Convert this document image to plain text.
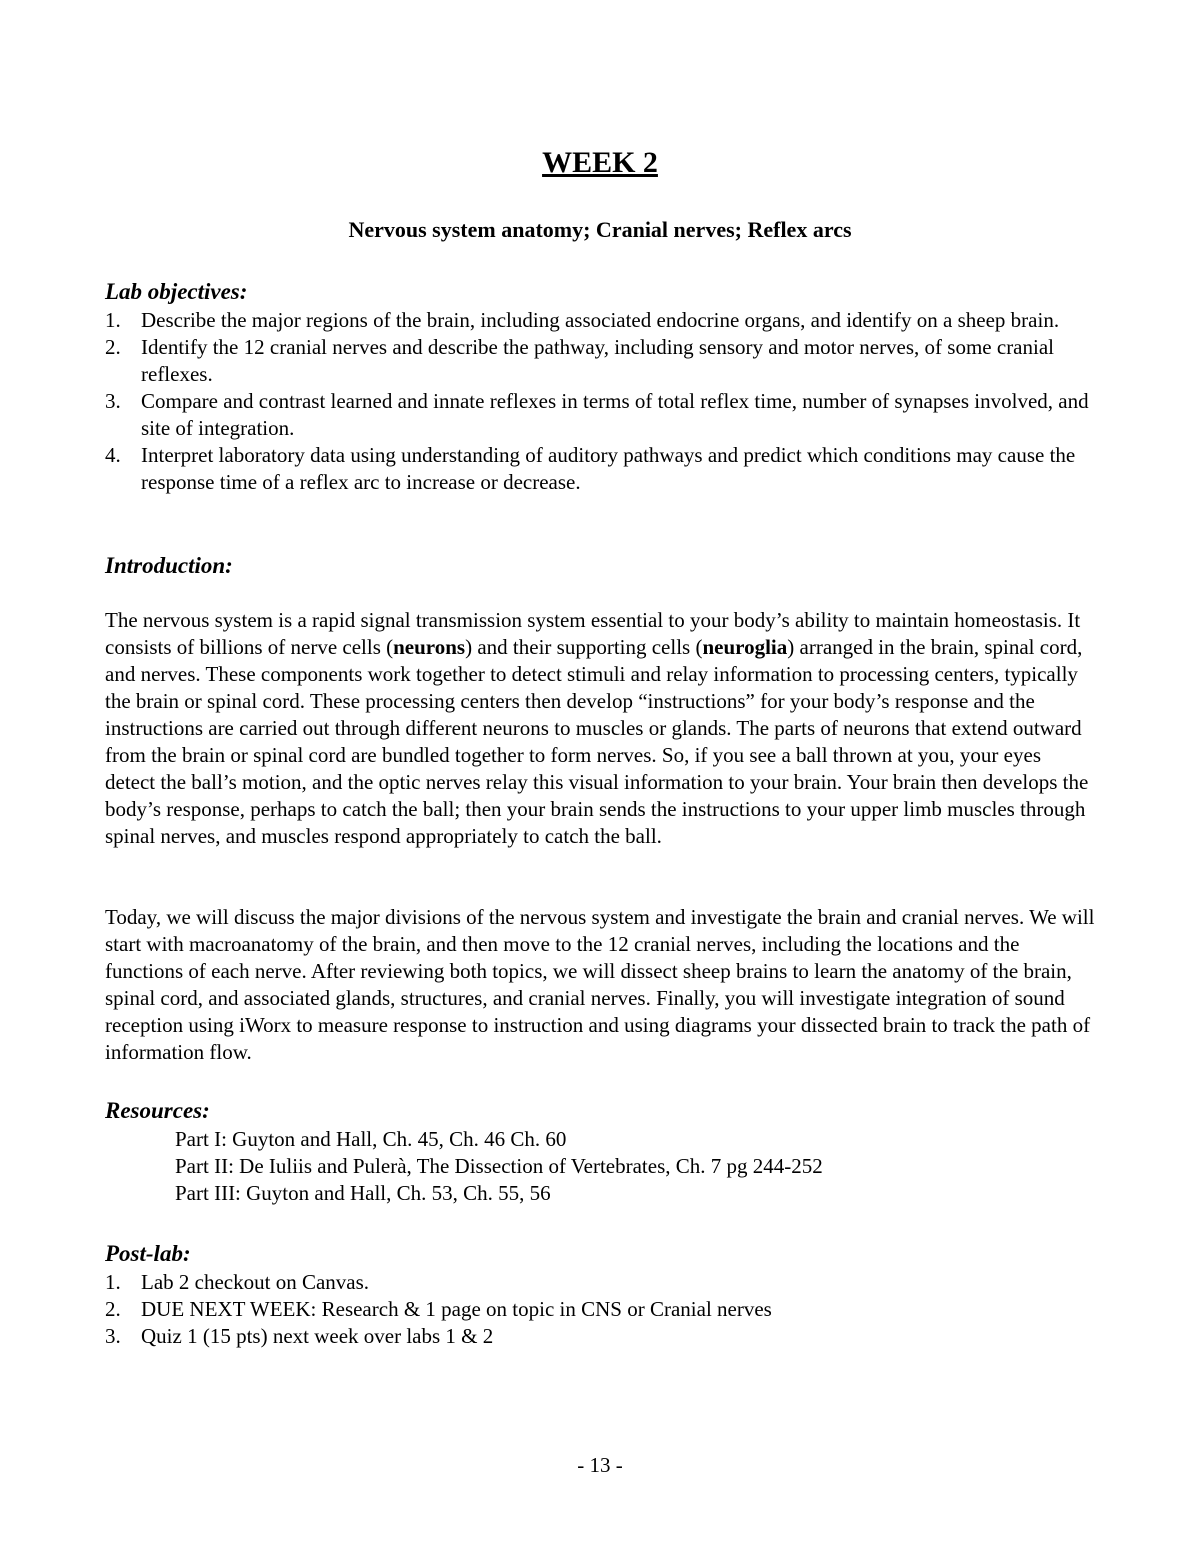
WEEK 2
Nervous system anatomy; Cranial nerves; Reflex arcs
Lab objectives:
1. Describe the major regions of the brain, including associated endocrine organs, and identify on a sheep brain.
2. Identify the 12 cranial nerves and describe the pathway, including sensory and motor nerves, of some cranial reflexes.
3. Compare and contrast learned and innate reflexes in terms of total reflex time, number of synapses involved, and site of integration.
4. Interpret laboratory data using understanding of auditory pathways and predict which conditions may cause the response time of a reflex arc to increase or decrease.
Introduction:

The nervous system is a rapid signal transmission system essential to your body’s ability to maintain homeostasis. It consists of billions of nerve cells (neurons) and their supporting cells (neuroglia) arranged in the brain, spinal cord, and nerves. These components work together to detect stimuli and relay information to processing centers, typically the brain or spinal cord. These processing centers then develop “instructions” for your body’s response and the instructions are carried out through different neurons to muscles or glands. The parts of neurons that extend outward from the brain or spinal cord are bundled together to form nerves. So, if you see a ball thrown at you, your eyes detect the ball’s motion, and the optic nerves relay this visual information to your brain. Your brain then develops the body’s response, perhaps to catch the ball; then your brain sends the instructions to your upper limb muscles through spinal nerves, and muscles respond appropriately to catch the ball.

Today, we will discuss the major divisions of the nervous system and investigate the brain and cranial nerves. We will start with macroanatomy of the brain, and then move to the 12 cranial nerves, including the locations and the functions of each nerve. After reviewing both topics, we will dissect sheep brains to learn the anatomy of the brain, spinal cord, and associated glands, structures, and cranial nerves. Finally, you will investigate integration of sound reception using iWorx to measure response to instruction and using diagrams your dissected brain to track the path of information flow.

Resources:
Part I: Guyton and Hall, Ch. 45, Ch. 46 Ch. 60
Part II: De Iuliis and Pulerà, The Dissection of Vertebrates, Ch. 7 pg 244-252
Part III: Guyton and Hall, Ch. 53, Ch. 55, 56
Post-lab:
1. Lab 2 checkout on Canvas.
2. DUE NEXT WEEK: Research & 1 page on topic in CNS or Cranial nerves
3. Quiz 1 (15 pts) next week over labs 1 & 2
- 13 -
